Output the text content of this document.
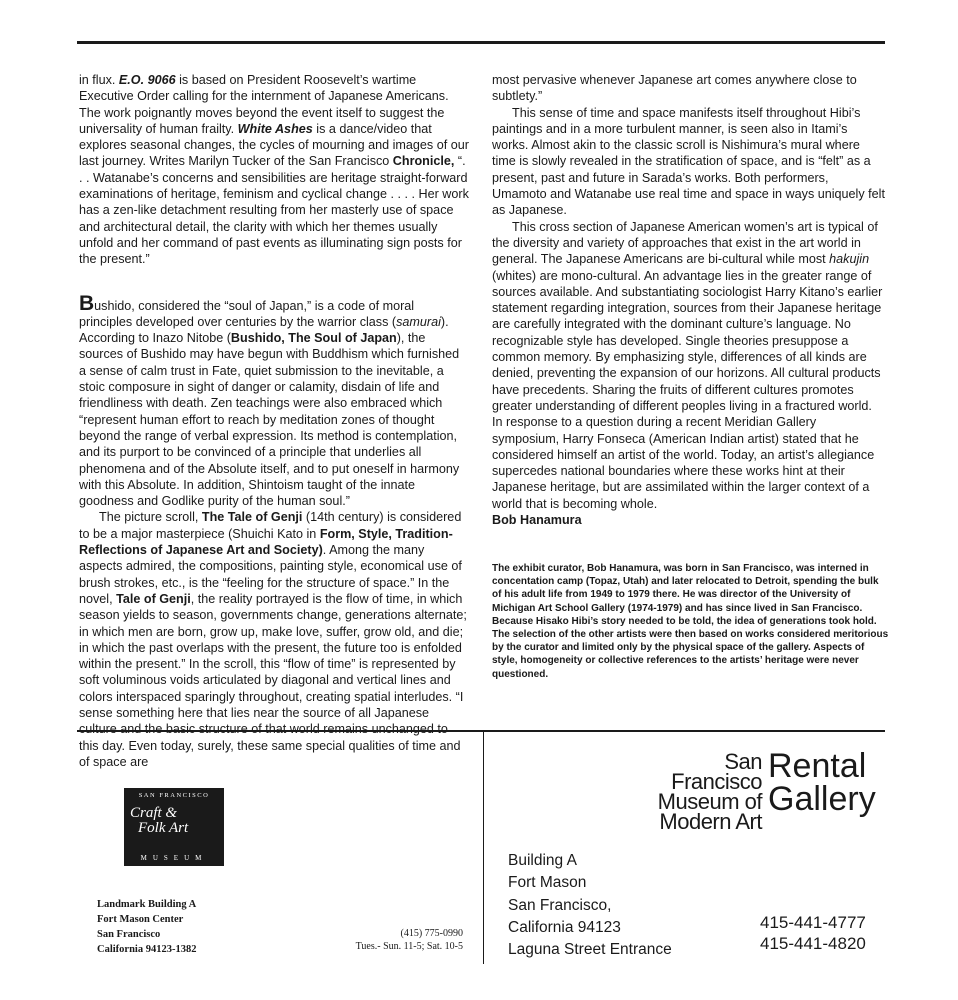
in flux. E.O. 9066 is based on President Roosevelt’s wartime Executive Order calling for the internment of Japanese Americans. The work poignantly moves beyond the event itself to suggest the universality of human frailty. White Ashes is a dance/video that explores seasonal changes, the cycles of mourning and images of our last journey. Writes Marilyn Tucker of the San Francisco Chronicle, “. . . Watanabe’s concerns and sensibilities are heritage straight-forward examinations of heritage, feminism and cyclical change . . . . Her work has a zen-like detachment resulting from her masterly use of space and architectural detail, the clarity with which her themes usually unfold and her command of past events as illuminating sign posts for the present.”

Bushido, considered the “soul of Japan,” is a code of moral principles developed over centuries by the warrior class (samurai). According to Inazo Nitobe (Bushido, The Soul of Japan), the sources of Bushido may have begun with Buddhism which furnished a sense of calm trust in Fate, quiet submission to the inevitable, a stoic composure in sight of danger or calamity, disdain of life and friendliness with death. Zen teachings were also embraced which “represent human effort to reach by meditation zones of thought beyond the range of verbal expression. Its method is contemplation, and its purport to be convinced of a principle that underlies all phenomena and of the Absolute itself, and to put oneself in harmony with this Absolute. In addition, Shintoism taught of the innate goodness and Godlike purity of the human soul.”

The picture scroll, The Tale of Genji (14th century) is considered to be a major masterpiece (Shuichi Kato in Form, Style, Tradition-Reflections of Japanese Art and Society). Among the many aspects admired, the compositions, painting style, economical use of brush strokes, etc., is the “feeling for the structure of space.” In the novel, Tale of Genji, the reality portrayed is the flow of time, in which season yields to season, governments change, generations alternate; in which men are born, grow up, make love, suffer, grow old, and die; in which the past overlaps with the present, the future too is enfolded within the present.” In the scroll, this “flow of time” is represented by soft voluminous voids articulated by diagonal and vertical lines and colors interspaced sparingly throughout, creating spatial interludes. “I sense something here that lies near the source of all Japanese culture and the basic structure of that world remains unchanged to this day. Even today, surely, these same special qualities of time and of space are

most pervasive whenever Japanese art comes anywhere close to subtlety.”

This sense of time and space manifests itself throughout Hibi’s paintings and in a more turbulent manner, is seen also in Itami’s works. Almost akin to the classic scroll is Nishimura’s mural where time is slowly revealed in the stratification of space, and is “felt” as a present, past and future in Sarada’s works. Both performers, Umamoto and Watanabe use real time and space in ways uniquely felt as Japanese.

This cross section of Japanese American women’s art is typical of the diversity and variety of approaches that exist in the art world in general. The Japanese Americans are bi-cultural while most hakujin (whites) are mono-cultural. An advantage lies in the greater range of sources available. And substantiating sociologist Harry Kitano’s earlier statement regarding integration, sources from their Japanese heritage are carefully integrated with the dominant culture’s language. No recognizable style has developed. Single theories presuppose a common memory. By emphasizing style, differences of all kinds are denied, preventing the expansion of our horizons. All cultural products have precedents. Sharing the fruits of different cultures promotes greater understanding of different peoples living in a fractured world. In response to a question during a recent Meridian Gallery symposium, Harry Fonseca (American Indian artist) stated that he considered himself an artist of the world. Today, an artist’s allegiance supercedes national boundaries where these works hint at their Japanese heritage, but are assimilated within the larger context of a world that is becoming whole.

Bob Hanamura

The exhibit curator, Bob Hanamura, was born in San Francisco, was interned in concentation camp (Topaz, Utah) and later relocated to Detroit, spending the bulk of his adult life from 1949 to 1979 there. He was director of the University of Michigan Art School Gallery (1974-1979) and has since lived in San Francisco. Because Hisako Hibi’s story needed to be told, the idea of generations took hold. The selection of the other artists were then based on works considered meritorious by the curator and limited only by the physical space of the gallery. Aspects of style, homogeneity or collective references to the artists’ heritage were never questioned.

SAN FRANCISCO
Craft &
Folk Art
MUSEUM
Landmark Building A
Fort Mason Center
San Francisco
California 94123-1382
(415) 775-0990
Tues.- Sun. 11-5; Sat. 10-5
San Francisco
Museum of
Modern Art
Rental
Gallery
Building A
Fort Mason
San Francisco,
California 94123
Laguna Street Entrance
415-441-4777
415-441-4820
